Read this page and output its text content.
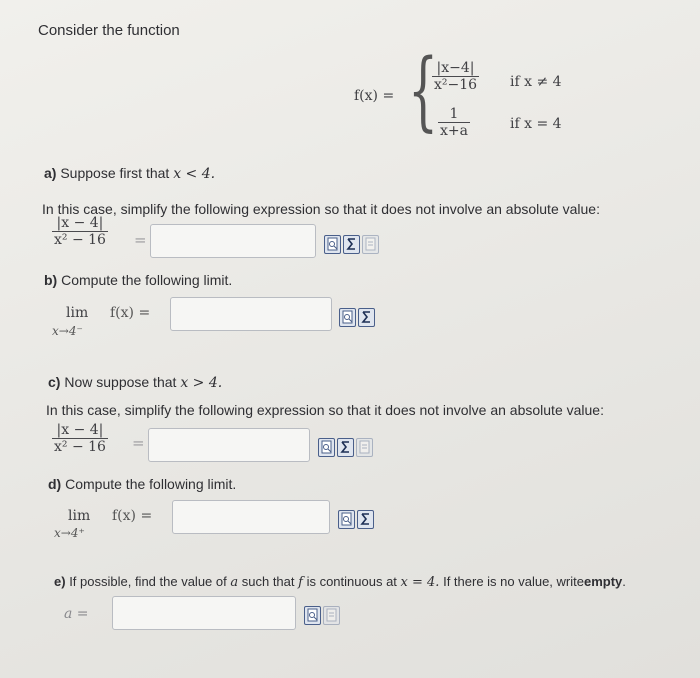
Consider the function
f(x) = {
$\frac{|x-4|}{\text{x²−16}}$ if x ≠ 4
$\frac{1}{x+a}$	if x = 4
a) Suppose first that x < 4.
In this case, simplify the following expression so that it does not involve an absolute value:
$\frac{|x - 4|}{\text{x² − 16}}$ =
b) Compute the following limit.
lim
x→4⁻
f(x) =
c) Now suppose that x > 4.
In this case, simplify the following expression so that it does not involve an absolute value:
$\frac{|x - 4|}{\text{x² − 16}}$ =
d) Compute the following limit.
lim
x→4⁺
f(x) =
e) If possible, find the value of a such that f is continuous at x = 4. If there is no value, writeempty.
a =
